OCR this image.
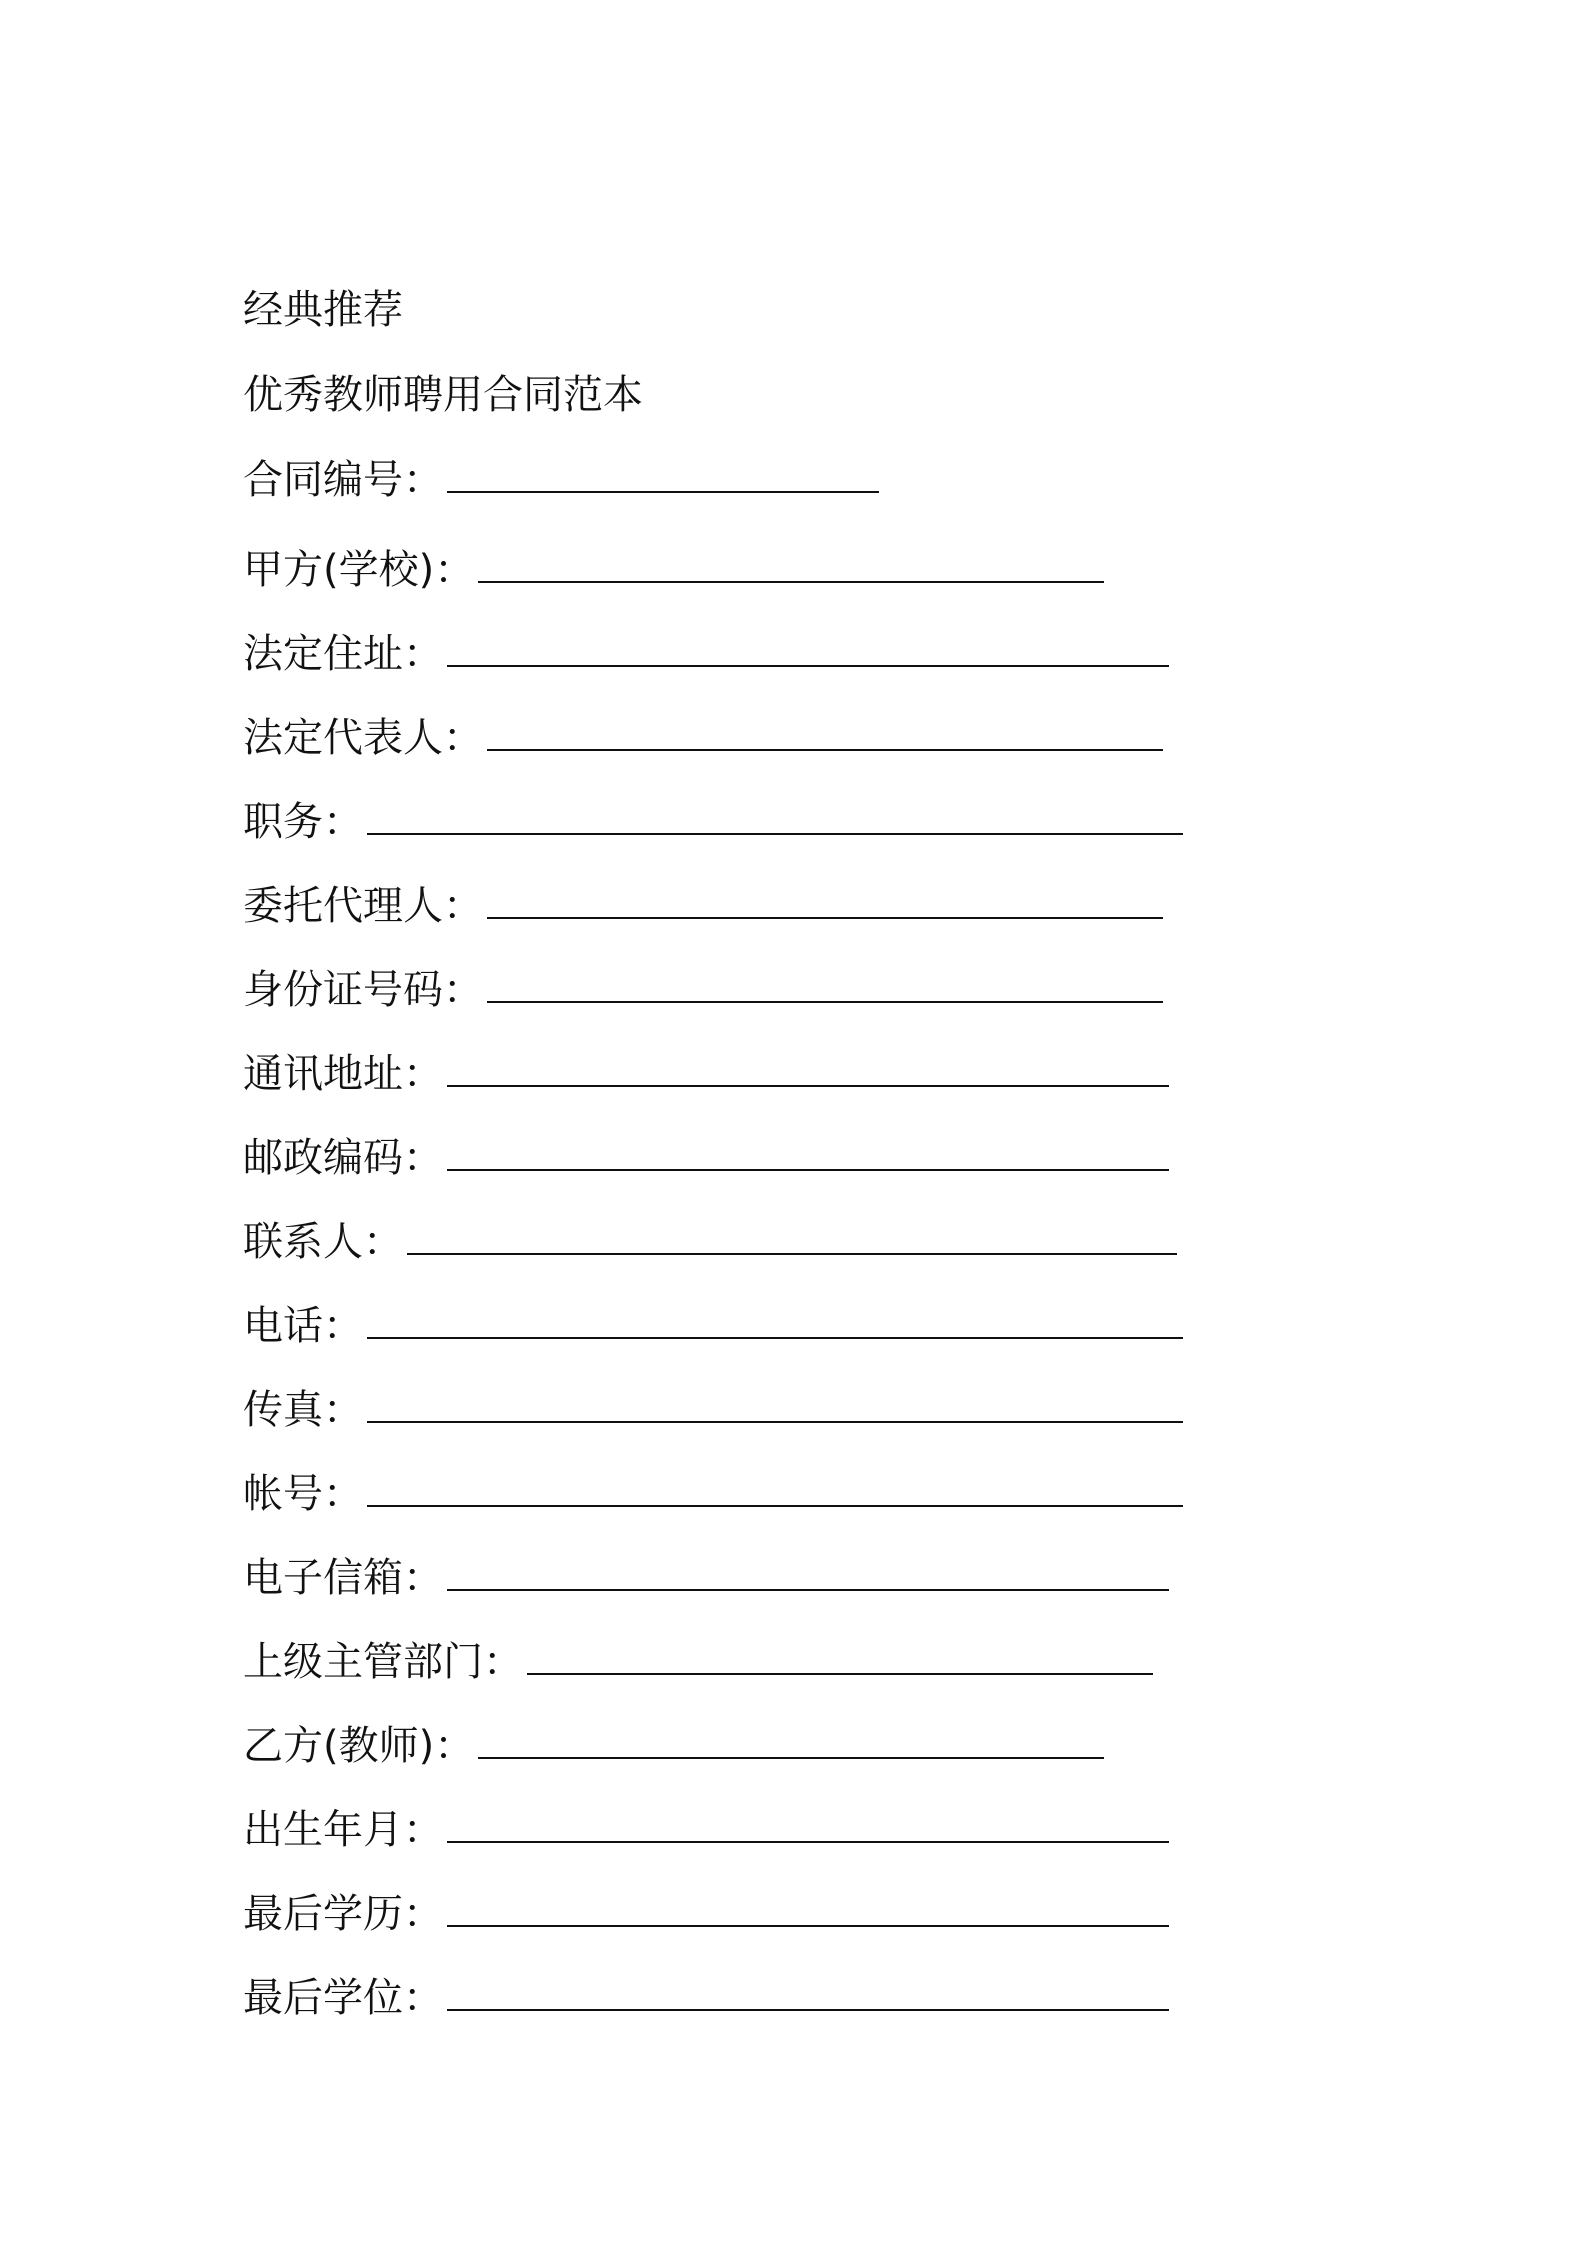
经典推荐
优秀教师聘用合同范本
合同编号：
甲方(学校)：
法定住址：
法定代表人：
职务：
委托代理人：
身份证号码：
通讯地址：
邮政编码：
联系人：
电话：
传真：
帐号：
电子信箱：
上级主管部门：
乙方(教师)：
出生年月：
最后学历：
最后学位：
